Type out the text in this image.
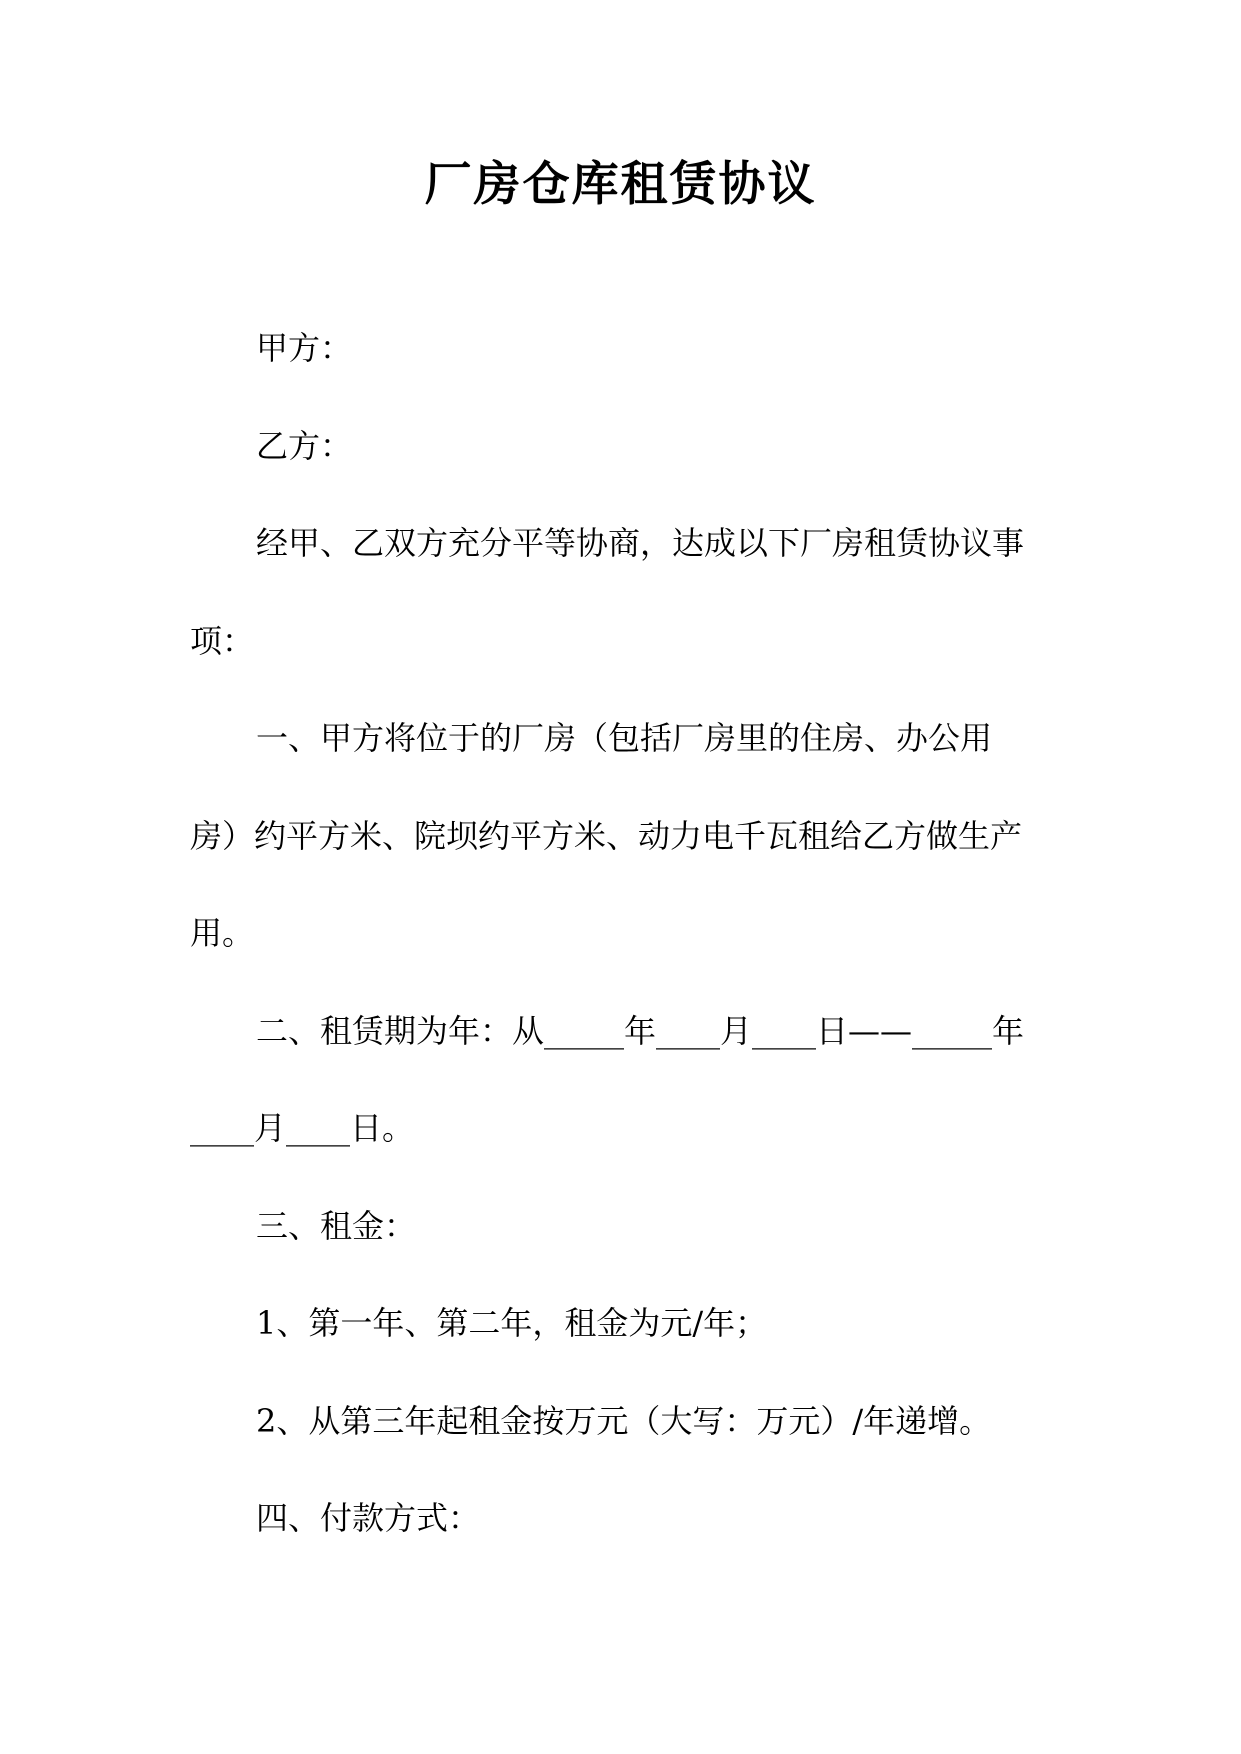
厂房仓库租赁协议

甲方：

乙方：

经甲、乙双方充分平等协商，达成以下厂房租赁协议事项：

一、甲方将位于的厂房（包括厂房里的住房、办公用房）约平方米、院坝约平方米、动力电千瓦租给乙方做生产用。

二、租赁期为年：从_____年____月____日——_____年____月____日。

三、租金：

1、第一年、第二年，租金为元/年；

2、从第三年起租金按万元（大写：万元）/年递增。

四、付款方式：
